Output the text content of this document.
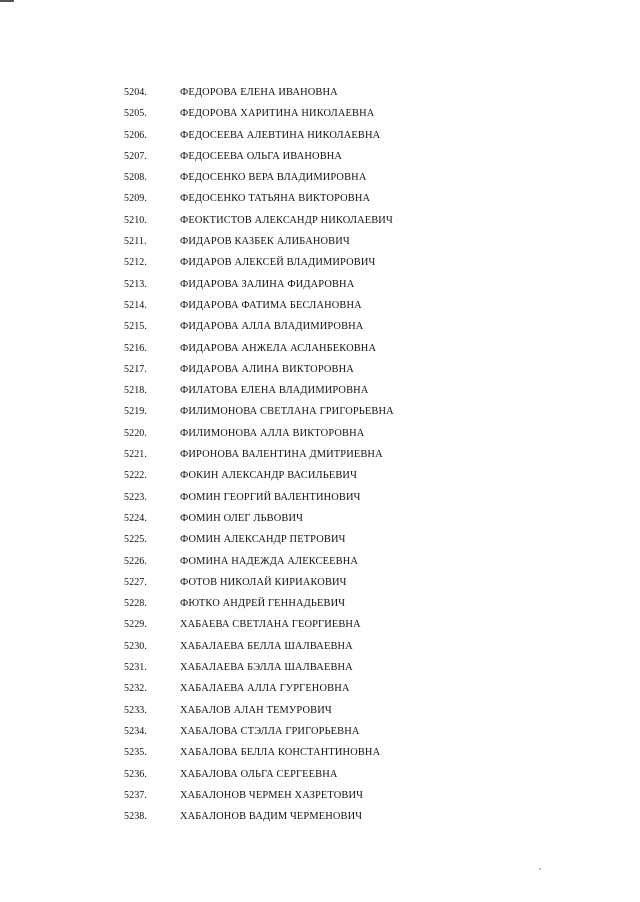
5204.	ФЕДОРОВА ЕЛЕНА ИВАНОВНА
5205.	ФЕДОРОВА ХАРИТИНА НИКОЛАЕВНА
5206.	ФЕДОСЕЕВА АЛЕВТИНА НИКОЛАЕВНА
5207.	ФЕДОСЕЕВА ОЛЬГА ИВАНОВНА
5208.	ФЕДОСЕНКО ВЕРА ВЛАДИМИРОВНА
5209.	ФЕДОСЕНКО ТАТЬЯНА ВИКТОРОВНА
5210.	ФЕОКТИСТОВ АЛЕКСАНДР НИКОЛАЕВИЧ
5211.	ФИДАРОВ КАЗБЕК АЛИБАНОВИЧ
5212.	ФИДАРОВ АЛЕКСЕЙ ВЛАДИМИРОВИЧ
5213.	ФИДАРОВА ЗАЛИНА ФИДАРОВНА
5214.	ФИДАРОВА ФАТИМА БЕСЛАНОВНА
5215.	ФИДАРОВА АЛЛА ВЛАДИМИРОВНА
5216.	ФИДАРОВА АНЖЕЛА АСЛАНБЕКОВНА
5217.	ФИДАРОВА АЛИНА ВИКТОРОВНА
5218.	ФИЛАТОВА ЕЛЕНА ВЛАДИМИРОВНА
5219.	ФИЛИМОНОВА СВЕТЛАНА ГРИГОРЬЕВНА
5220.	ФИЛИМОНОВА АЛЛА ВИКТОРОВНА
5221.	ФИРОНОВА ВАЛЕНТИНА ДМИТРИЕВНА
5222.	ФОКИН АЛЕКСАНДР ВАСИЛЬЕВИЧ
5223.	ФОМИН ГЕОРГИЙ ВАЛЕНТИНОВИЧ
5224.	ФОМИН ОЛЕГ ЛЬВОВИЧ
5225.	ФОМИН АЛЕКСАНДР ПЕТРОВИЧ
5226.	ФОМИНА НАДЕЖДА АЛЕКСЕЕВНА
5227.	ФОТОВ НИКОЛАЙ КИРИАКОВИЧ
5228.	ФЮТКО АНДРЕЙ ГЕННАДЬЕВИЧ
5229.	ХАБАЕВА СВЕТЛАНА ГЕОРГИЕВНА
5230.	ХАБАЛАЕВА БЕЛЛА ШАЛВАЕВНА
5231.	ХАБАЛАЕВА БЭЛЛА ШАЛВАЕВНА
5232.	ХАБАЛАЕВА АЛЛА ГУРГЕНОВНА
5233.	ХАБАЛОВ АЛАН ТЕМУРОВИЧ
5234.	ХАБАЛОВА СТЭЛЛА ГРИГОРЬЕВНА
5235.	ХАБАЛОВА БЕЛЛА КОНСТАНТИНОВНА
5236.	ХАБАЛОВА ОЛЬГА СЕРГЕЕВНА
5237.	ХАБАЛОНОВ ЧЕРМЕН ХАЗРЕТОВИЧ
5238.	ХАБАЛОНОВ ВАДИМ ЧЕРМЕНОВИЧ
